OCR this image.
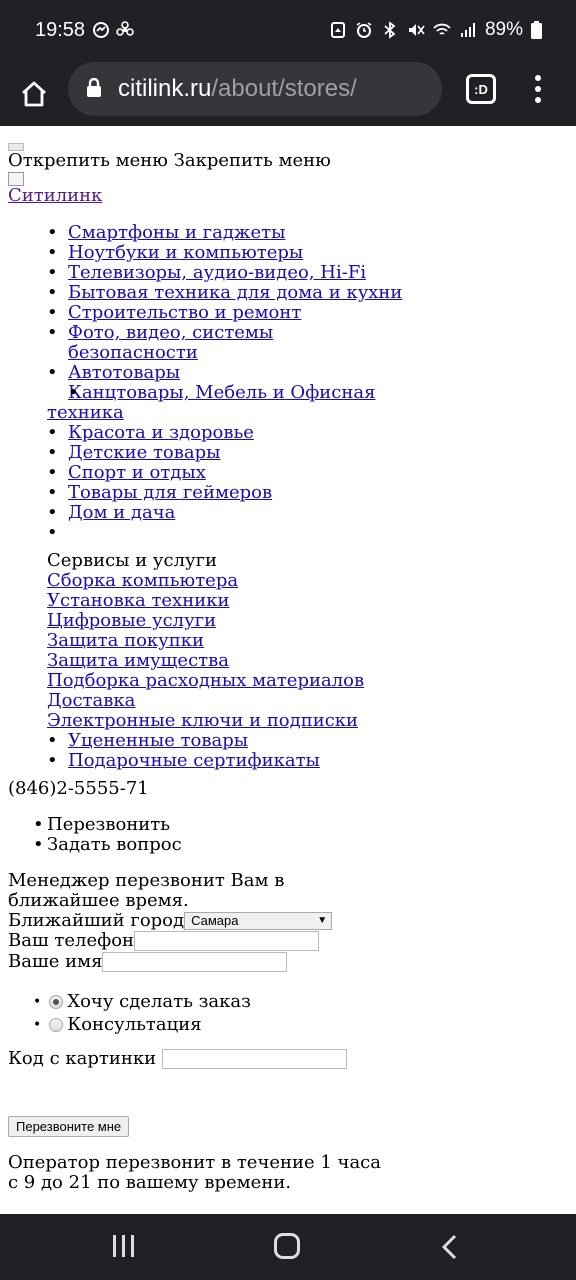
19:58	89%
citilink.ru/about/stores/	:D
Открепить меню Закрепить меню
Ситилинк
• Смартфоны и гаджеты
• Ноутбуки и компьютеры
• Телевизоры, аудио-видео, Hi-Fi
• Бытовая техника для дома и кухни
• Строительство и ремонт
• Фото, видео, системы безопасности
• Автотовары
• Канцтовары, Мебель и Офисная техника
• Красота и здоровье
• Детские товары
• Спорт и отдых
• Товары для геймеров
• Дом и дача
•
Сервисы и услуги
Сборка компьютера
Установка техники
Цифровые услуги
Защита покупки
Защита имущества
Подборка расходных материалов
Доставка
Электронные ключи и подписки
• Уцененные товары
• Подарочные сертификаты
(846)2-5555-71
• Перезвонить
• Задать вопрос
Менеджер перезвонит Вам в ближайшее время.
Ближайший город Самара	▼
Ваш телефон
Ваше имя
• Хочу сделать заказ
• Консультация
Код с картинки
Перезвоните мне
Оператор перезвонит в течение 1 часа с 9 до 21 по вашему времени.
